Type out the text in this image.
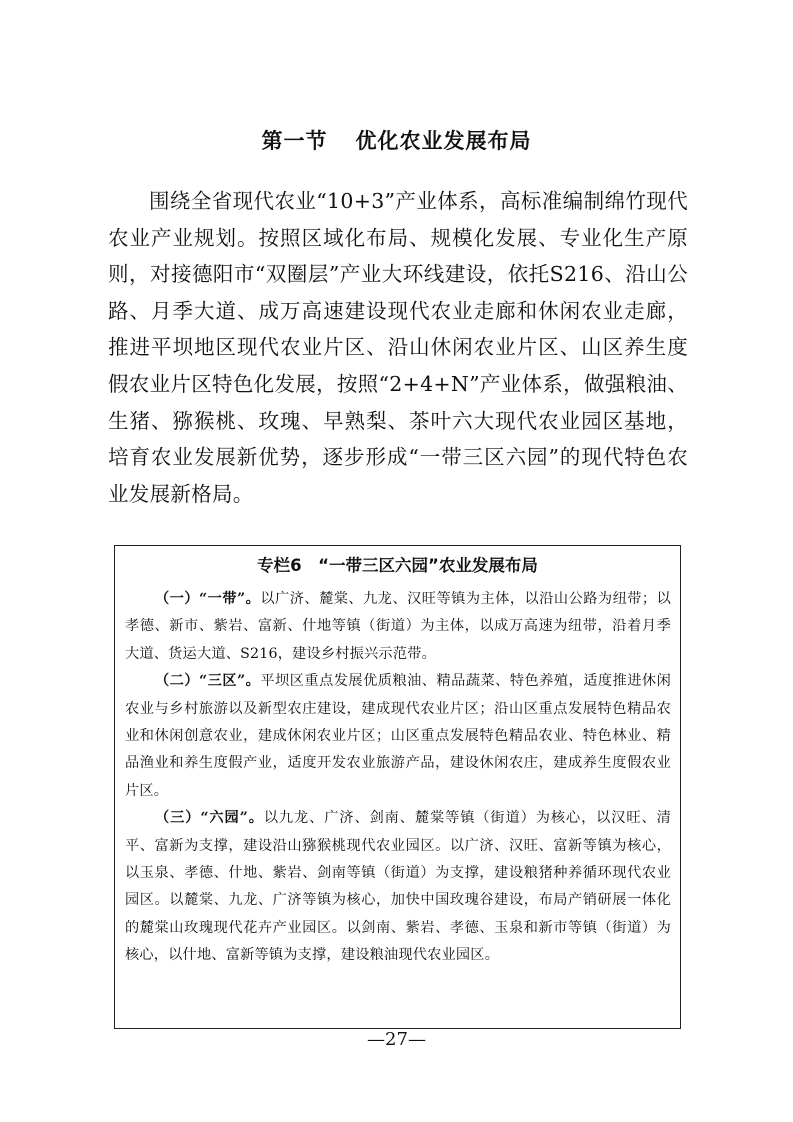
第一节 优化农业发展布局
围绕全省现代农业“10+3”产业体系，高标准编制绵竹现代农业产业规划。按照区域化布局、规模化发展、专业化生产原则，对接德阳市“双圈层”产业大环线建设，依托S216、沿山公路、月季大道、成万高速建设现代农业走廊和休闲农业走廊，推进平坝地区现代农业片区、沿山休闲农业片区、山区养生度假农业片区特色化发展，按照“2+4+N”产业体系，做强粮油、生猪、猕猴桃、玫瑰、早熟梨、茶叶六大现代农业园区基地，培育农业发展新优势，逐步形成“一带三区六园”的现代特色农业发展新格局。
专栏6　“一带三区六园”农业发展布局

（一）“一带”。以广济、麓棠、九龙、汉旺等镇为主体，以沿山公路为纽带；以孝德、新市、紫岩、富新、什地等镇（街道）为主体，以成万高速为纽带，沿着月季大道、货运大道、S216，建设乡村振兴示范带。

（二）“三区”。平坝区重点发展优质粮油、精品蔬菜、特色养殖，适度推进休闲农业与乡村旅游以及新型农庄建设，建成现代农业片区；沿山区重点发展特色精品农业和休闲创意农业，建成休闲农业片区；山区重点发展特色精品农业、特色林业、精品渔业和养生度假产业，适度开发农业旅游产品，建设休闲农庄，建成养生度假农业片区。

（三）“六园”。以九龙、广济、剑南、麓棠等镇（街道）为核心，以汉旺、清平、富新为支撑，建设沿山猕猴桃现代农业园区。以广济、汉旺、富新等镇为核心，以玉泉、孝德、什地、紫岩、剑南等镇（街道）为支撑，建设粮猪种养循环现代农业园区。以麓棠、九龙、广济等镇为核心，加快中国玫瑰谷建设，布局产销研展一体化的麓棠山玫瑰现代花卉产业园区。以剑南、紫岩、孝德、玉泉和新市等镇（街道）为核心，以什地、富新等镇为支撑，建设粮油现代农业园区。

—27—
